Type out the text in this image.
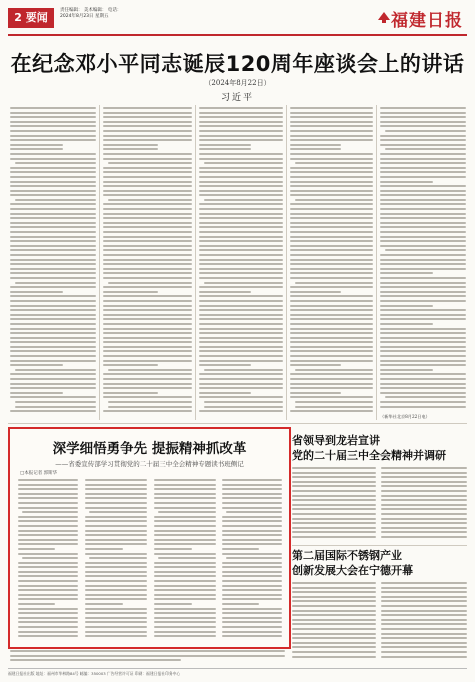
2 要闻
责任编辑： 美术编辑： 电话：
2024年8月23日 星期五	福建日报
在纪念邓小平同志诞辰120周年座谈会上的讲话
（2024年8月22日）
习近平
（新华社北京8月22日电）
深学细悟勇争先 提振精神抓改革
——省委宣传部学习贯彻党的二十届三中全会精神专题读书班侧记
□本报记者 郭斯华
省领导到龙岩宣讲
党的二十届三中全会精神并调研
第二届国际不锈钢产业
创新发展大会在宁德开幕
福建日报社出版 地址：福州市华林路84号 邮编：350003 广告经营许可证 印刷：福建日报社印务中心
